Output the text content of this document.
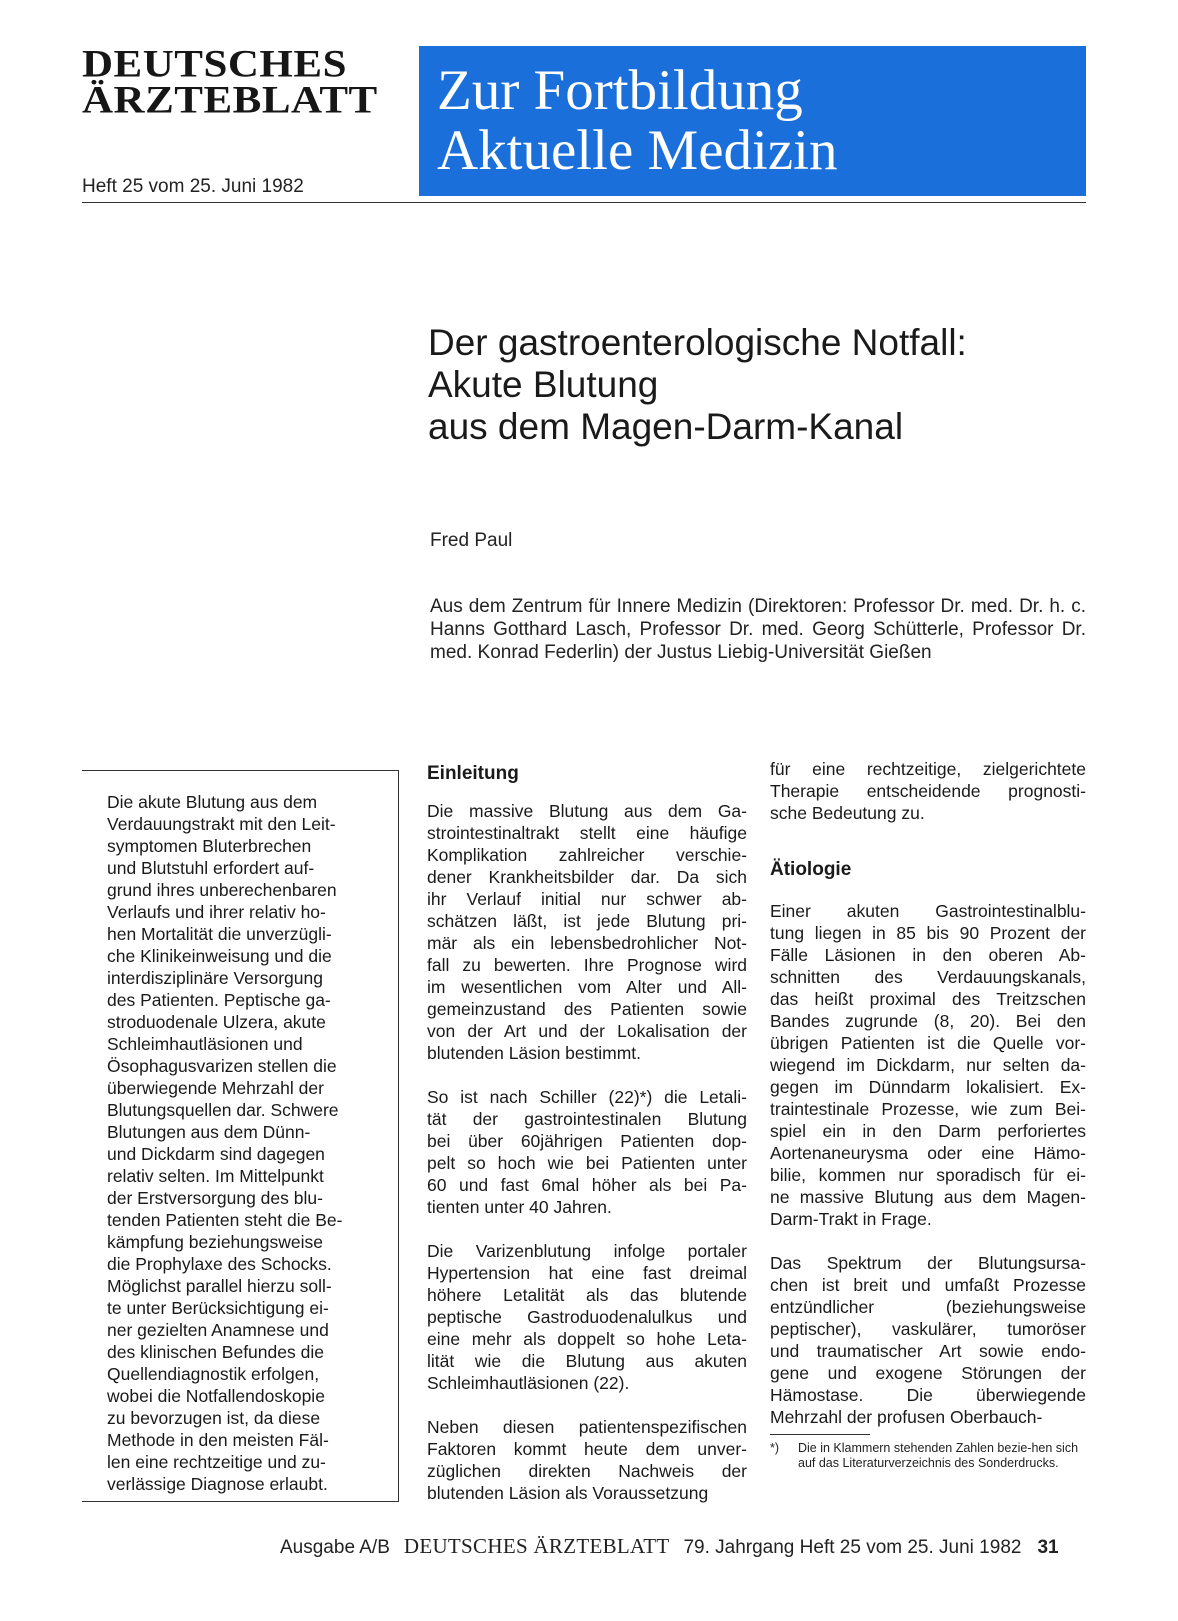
DEUTSCHES
ÄRZTEBLATT
Heft 25 vom 25. Juni 1982
Zur Fortbildung
Aktuelle Medizin
Der gastroenterologische Notfall:
Akute Blutung
aus dem Magen-Darm-Kanal
Fred Paul
Aus dem Zentrum für Innere Medizin (Direktoren: Professor Dr. med. Dr. h. c. Hanns Gotthard Lasch, Professor Dr. med. Georg Schütterle, Professor Dr. med. Konrad Federlin) der Justus Liebig-Universität Gießen
Die akute Blutung aus dem
Verdauungstrakt mit den Leit-
symptomen Bluterbrechen
und Blutstuhl erfordert auf-
grund ihres unberechenbaren
Verlaufs und ihrer relativ ho-
hen Mortalität die unverzügli-
che Klinikeinweisung und die
interdisziplinäre Versorgung
des Patienten. Peptische ga-
stroduodenale Ulzera, akute
Schleimhautläsionen und
Ösophagusvarizen stellen die
überwiegende Mehrzahl der
Blutungsquellen dar. Schwere
Blutungen aus dem Dünn-
und Dickdarm sind dagegen
relativ selten. Im Mittelpunkt
der Erstversorgung des blu-
tenden Patienten steht die Be-
kämpfung beziehungsweise
die Prophylaxe des Schocks.
Möglichst parallel hierzu soll-
te unter Berücksichtigung ei-
ner gezielten Anamnese und
des klinischen Befundes die
Quellendiagnostik erfolgen,
wobei die Notfallendoskopie
zu bevorzugen ist, da diese
Methode in den meisten Fäl-
len eine rechtzeitige und zu-
verlässige Diagnose erlaubt.
Einleitung
Die massive Blutung aus dem Ga-
strointestinaltrakt stellt eine häufige
Komplikation zahlreicher verschie-
dener Krankheitsbilder dar. Da sich
ihr Verlauf initial nur schwer ab-
schätzen läßt, ist jede Blutung pri-
mär als ein lebensbedrohlicher Not-
fall zu bewerten. Ihre Prognose wird
im wesentlichen vom Alter und All-
gemeinzustand des Patienten sowie
von der Art und der Lokalisation der
blutenden Läsion bestimmt.
So ist nach Schiller (22)*) die Letali-
tät der gastrointestinalen Blutung
bei über 60jährigen Patienten dop-
pelt so hoch wie bei Patienten unter
60 und fast 6mal höher als bei Pa-
tienten unter 40 Jahren.
Die Varizenblutung infolge portaler
Hypertension hat eine fast dreimal
höhere Letalität als das blutende
peptische Gastroduodenalulkus und
eine mehr als doppelt so hohe Leta-
lität wie die Blutung aus akuten
Schleimhautläsionen (22).
Neben diesen patientenspezifischen
Faktoren kommt heute dem unver-
züglichen direkten Nachweis der
blutenden Läsion als Voraussetzung
für eine rechtzeitige, zielgerichtete
Therapie entscheidende prognosti-
sche Bedeutung zu.
Ätiologie
Einer akuten Gastrointestinalblu-
tung liegen in 85 bis 90 Prozent der
Fälle Läsionen in den oberen Ab-
schnitten des Verdauungskanals,
das heißt proximal des Treitzschen
Bandes zugrunde (8, 20). Bei den
übrigen Patienten ist die Quelle vor-
wiegend im Dickdarm, nur selten da-
gegen im Dünndarm lokalisiert. Ex-
traintestinale Prozesse, wie zum Bei-
spiel ein in den Darm perforiertes
Aortenaneurysma oder eine Hämo-
bilie, kommen nur sporadisch für ei-
ne massive Blutung aus dem Magen-
Darm-Trakt in Frage.
Das Spektrum der Blutungsursa-
chen ist breit und umfaßt Prozesse
entzündlicher (beziehungsweise
peptischer), vaskulärer, tumoröser
und traumatischer Art sowie endo-
gene und exogene Störungen der
Hämostase. Die überwiegende
Mehrzahl der profusen Oberbauch-
*) Die in Klammern stehenden Zahlen bezie-hen sich auf das Literaturverzeichnis des Sonderdrucks.
Ausgabe A/B DEUTSCHES ÄRZTEBLATT 79. Jahrgang Heft 25 vom 25. Juni 1982 31
